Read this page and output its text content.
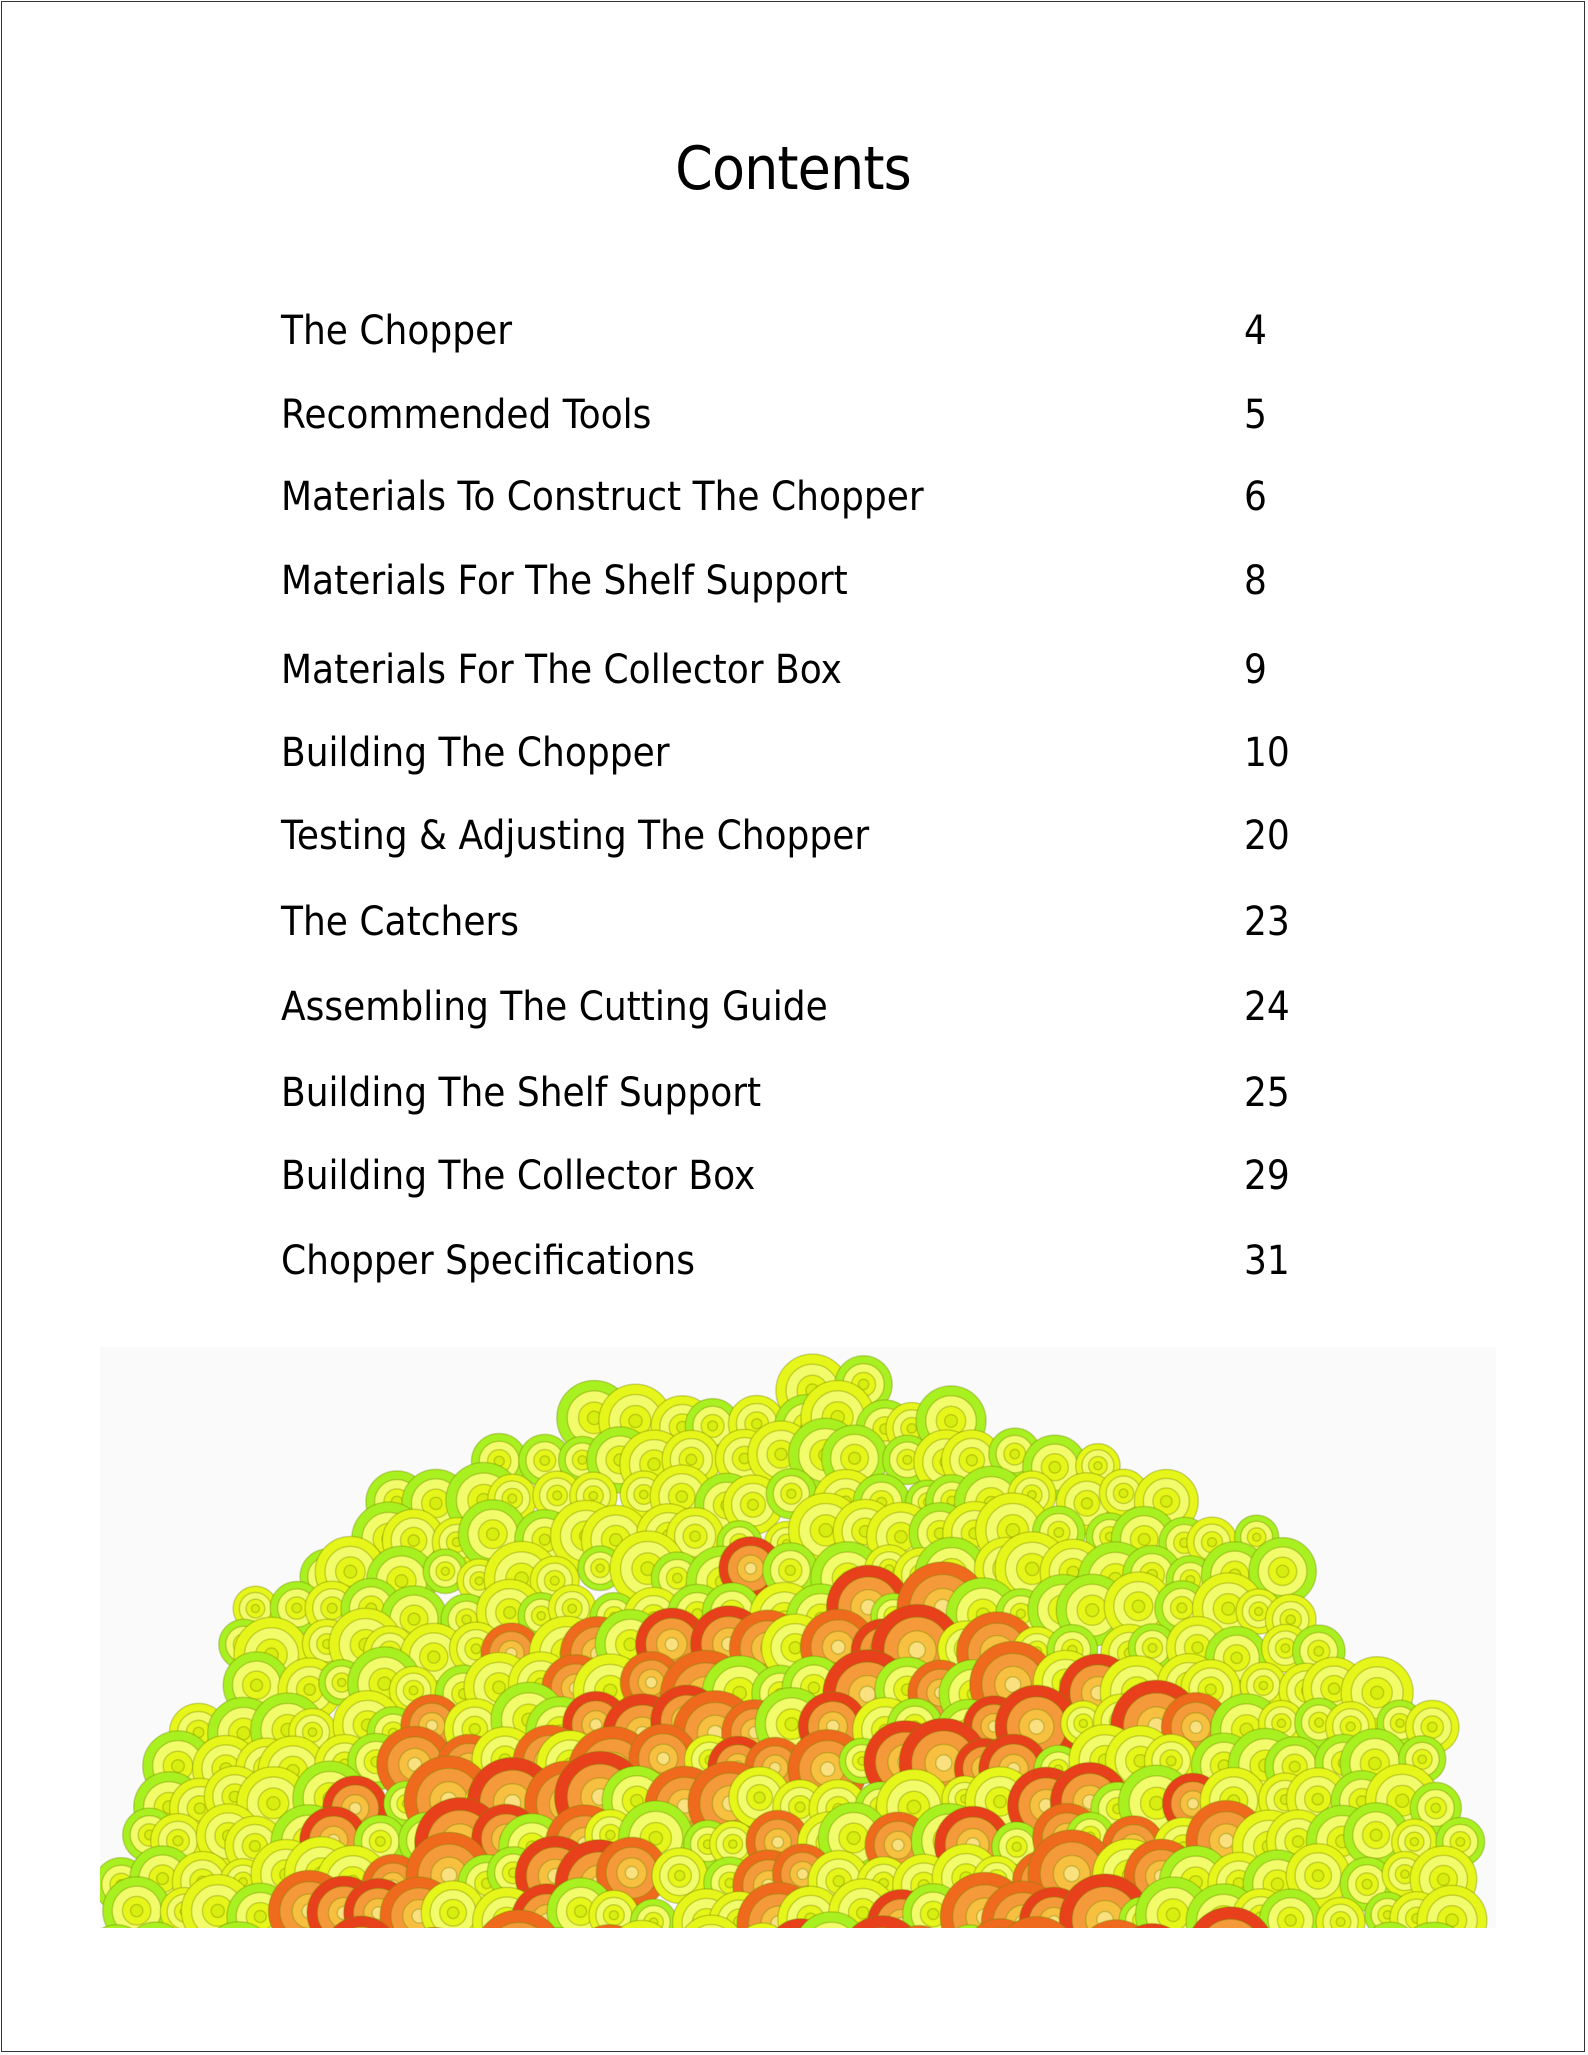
Contents
The Chopper	4
Recommended Tools	5
Materials To Construct The Chopper	6
Materials For The Shelf Support	8
Materials For The Collector Box	9
Building The Chopper	10
Testing & Adjusting The Chopper	20
The Catchers	23
Assembling The Cutting Guide	24
Building The Shelf Support	25
Building The Collector Box	29
Chopper Specifications	31
